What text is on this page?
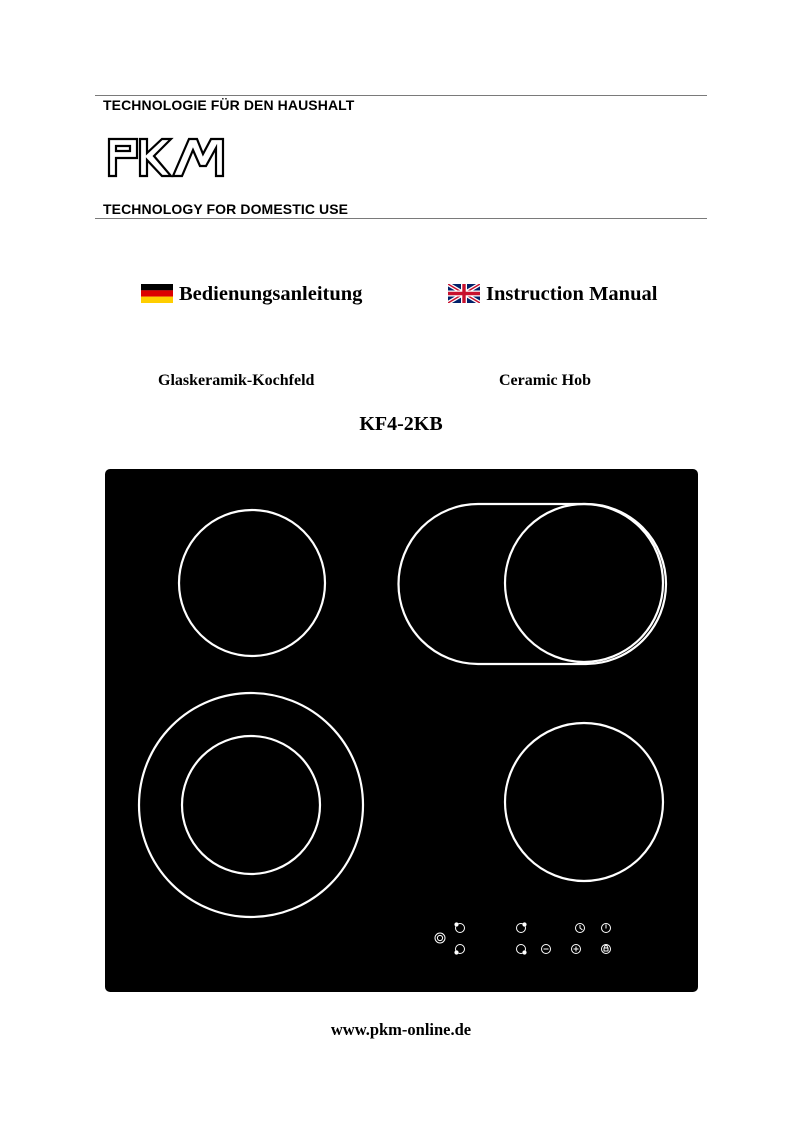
TECHNOLOGIE FÜR DEN HAUSHALT
TECHNOLOGY FOR DOMESTIC USE
Bedienungsanleitung	Instruction Manual
Glaskeramik-Kochfeld	Ceramic Hob
KF4-2KB
www.pkm-online.de
